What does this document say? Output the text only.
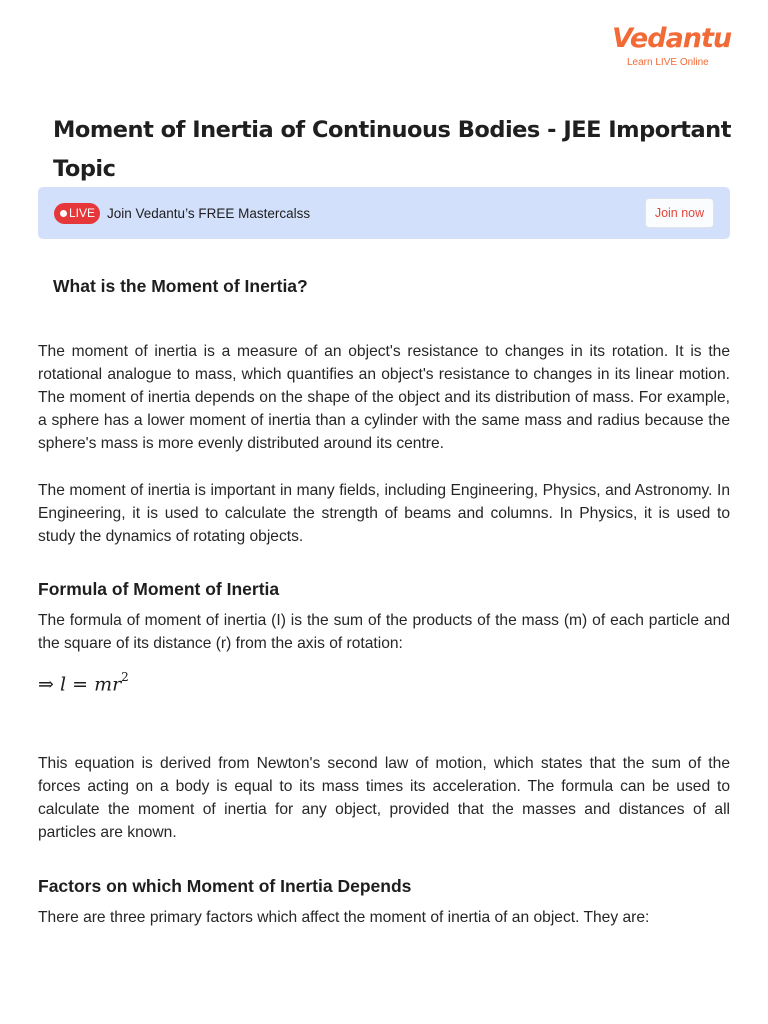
Vedantu
Learn LIVE Online
Moment of Inertia of Continuous Bodies - JEE Important Topic
LIVE Join Vedantu’s FREE Mastercalss	Join now
What is the Moment of Inertia?

The moment of inertia is a measure of an object's resistance to changes in its rotation. It is the rotational analogue to mass, which quantifies an object's resistance to changes in its linear motion. The moment of inertia depends on the shape of the object and its distribution of mass. For example, a sphere has a lower moment of inertia than a cylinder with the same mass and radius because the sphere's mass is more evenly distributed around its centre.

The moment of inertia is important in many fields, including Engineering, Physics, and Astronomy. In Engineering, it is used to calculate the strength of beams and columns. In Physics, it is used to study the dynamics of rotating objects.

Formula of Moment of Inertia

The formula of moment of inertia (I) is the sum of the products of the mass (m) of each particle and the square of its distance (r) from the axis of rotation:

⇒ $l = mr^2$

This equation is derived from Newton's second law of motion, which states that the sum of the forces acting on a body is equal to its mass times its acceleration. The formula can be used to calculate the moment of inertia for any object, provided that the masses and distances of all particles are known.

Factors on which Moment of Inertia Depends

There are three primary factors which affect the moment of inertia of an object. They are:
